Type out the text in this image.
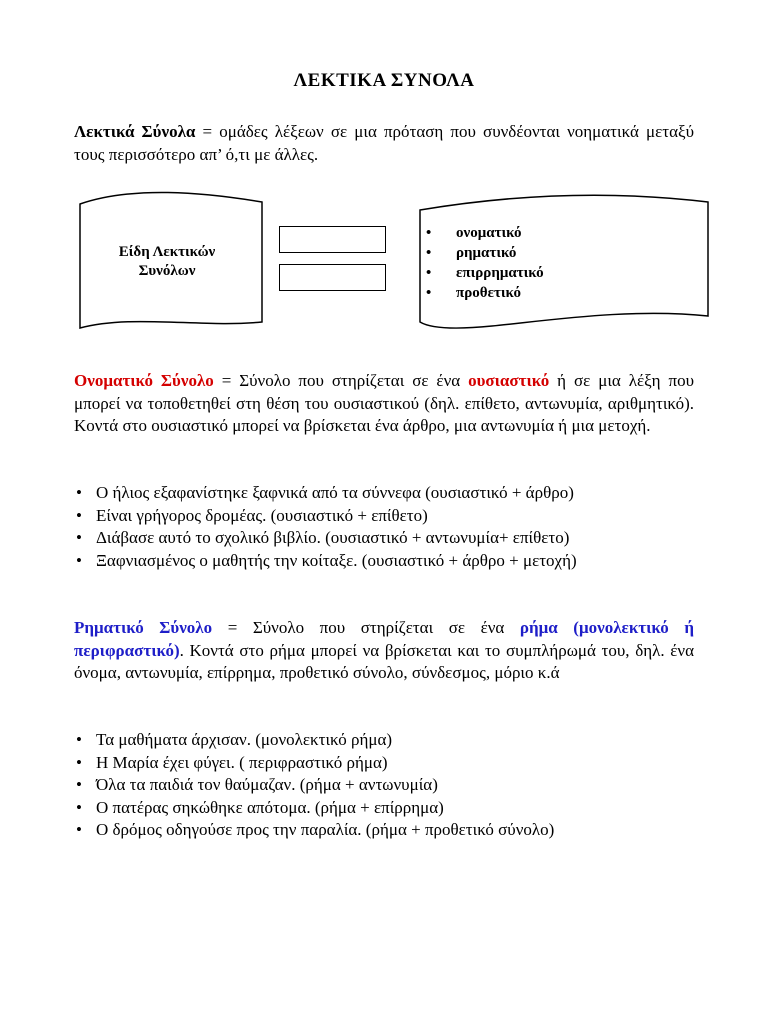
ΛΕΚΤΙΚΑ ΣΥΝΟΛΑ
Λεκτικά Σύνολα = ομάδες λέξεων σε μια πρόταση που συνδέονται νοηματικά μεταξύ τους περισσότερο απ’ ό,τι με άλλες.
Είδη Λεκτικών
Συνόλων
• ονοματικό
• ρηματικό
• επιρρηματικό
• προθετικό
Ονοματικό Σύνολο = Σύνολο που στηρίζεται σε ένα ουσιαστικό ή σε μια λέξη που μπορεί να τοποθετηθεί στη θέση του ουσιαστικού (δηλ. επίθετο, αντωνυμία, αριθμητικό). Κοντά στο ουσιαστικό μπορεί να βρίσκεται ένα άρθρο, μια αντωνυμία ή μια μετοχή.
• Ο ήλιος εξαφανίστηκε ξαφνικά από τα σύννεφα (ουσιαστικό + άρθρο)
• Είναι γρήγορος δρομέας. (ουσιαστικό + επίθετο)
• Διάβασε αυτό το σχολικό βιβλίο. (ουσιαστικό + αντωνυμία+ επίθετο)
• Ξαφνιασμένος ο μαθητής την κοίταξε. (ουσιαστικό + άρθρο + μετοχή)
Ρηματικό Σύνολο = Σύνολο που στηρίζεται σε ένα ρήμα (μονολεκτικό ή περιφραστικό). Κοντά στο ρήμα μπορεί να βρίσκεται και το συμπλήρωμά του, δηλ. ένα όνομα, αντωνυμία, επίρρημα, προθετικό σύνολο, σύνδεσμος, μόριο κ.ά
• Τα μαθήματα άρχισαν. (μονολεκτικό ρήμα)
• Η Μαρία έχει φύγει. ( περιφραστικό ρήμα)
• Όλα τα παιδιά τον θαύμαζαν. (ρήμα + αντωνυμία)
• Ο πατέρας σηκώθηκε απότομα. (ρήμα + επίρρημα)
• Ο δρόμος οδηγούσε προς την παραλία. (ρήμα + προθετικό σύνολο)
